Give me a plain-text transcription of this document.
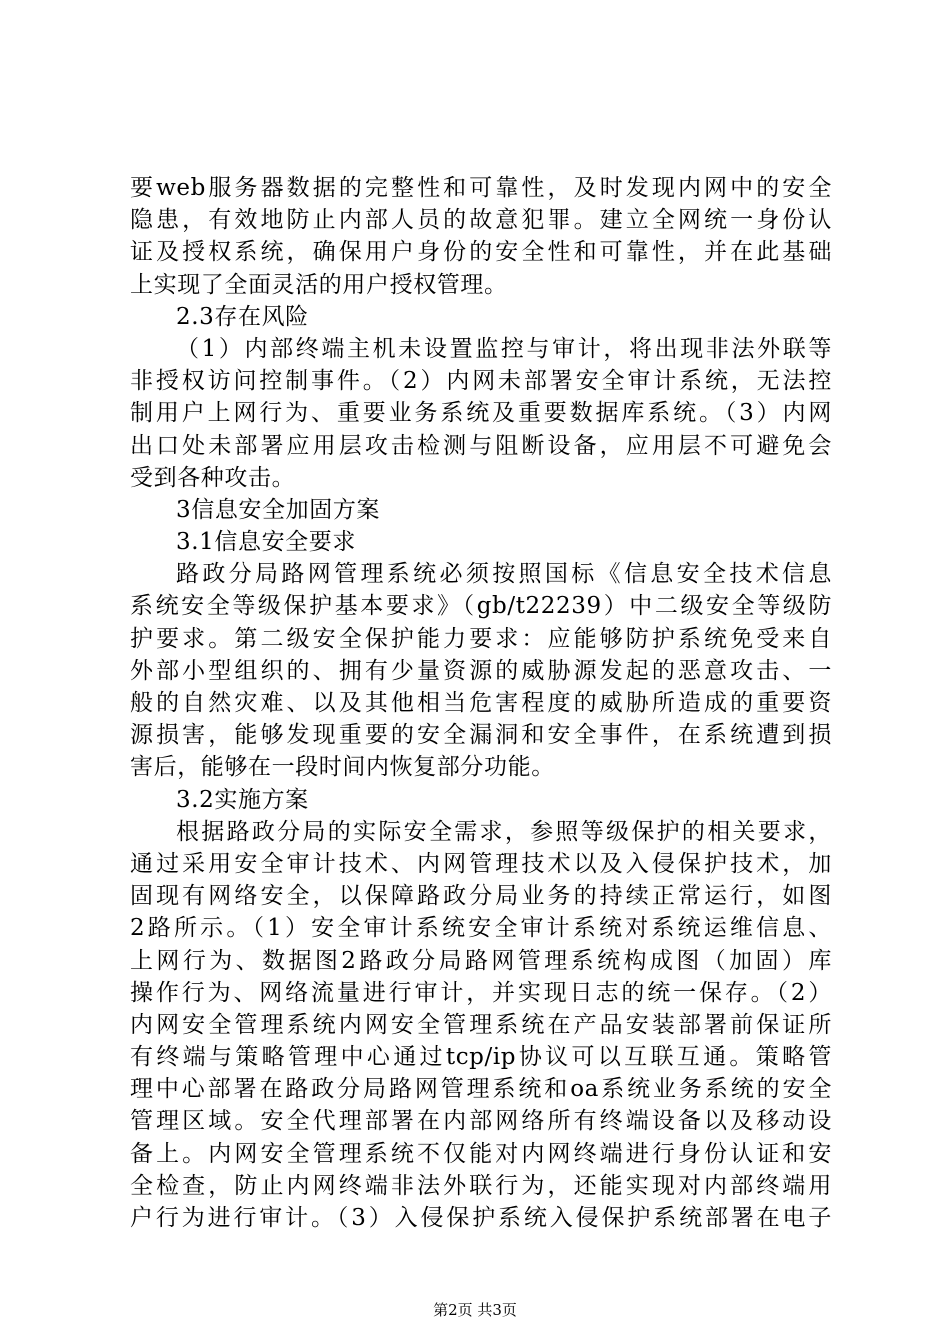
要web服务器数据的完整性和可靠性，及时发现内网中的安全
隐患，有效地防止内部人员的故意犯罪。建立全网统一身份认
证及授权系统，确保用户身份的安全性和可靠性，并在此基础
上实现了全面灵活的用户授权管理。
2.3存在风险
（1）内部终端主机未设置监控与审计，将出现非法外联等
非授权访问控制事件。（2）内网未部署安全审计系统，无法控
制用户上网行为、重要业务系统及重要数据库系统。（3）内网
出口处未部署应用层攻击检测与阻断设备，应用层不可避免会
受到各种攻击。
3信息安全加固方案
3.1信息安全要求
路政分局路网管理系统必须按照国标《信息安全技术信息
系统安全等级保护基本要求》（gb/t22239）中二级安全等级防
护要求。第二级安全保护能力要求：应能够防护系统免受来自
外部小型组织的、拥有少量资源的威胁源发起的恶意攻击、一
般的自然灾难、以及其他相当危害程度的威胁所造成的重要资
源损害，能够发现重要的安全漏洞和安全事件，在系统遭到损
害后，能够在一段时间内恢复部分功能。
3.2实施方案
根据路政分局的实际安全需求，参照等级保护的相关要求，
通过采用安全审计技术、内网管理技术以及入侵保护技术，加
固现有网络安全，以保障路政分局业务的持续正常运行，如图
2路所示。（1）安全审计系统安全审计系统对系统运维信息、
上网行为、数据图2路政分局路网管理系统构成图（加固）库
操作行为、网络流量进行审计，并实现日志的统一保存。（2）
内网安全管理系统内网安全管理系统在产品安装部署前保证所
有终端与策略管理中心通过tcp/ip协议可以互联互通。策略管
理中心部署在路政分局路网管理系统和oa系统业务系统的安全
管理区域。安全代理部署在内部网络所有终端设备以及移动设
备上。内网安全管理系统不仅能对内网终端进行身份认证和安
全检查，防止内网终端非法外联行为，还能实现对内部终端用
户行为进行审计。（3）入侵保护系统入侵保护系统部署在电子
第2页 共3页
